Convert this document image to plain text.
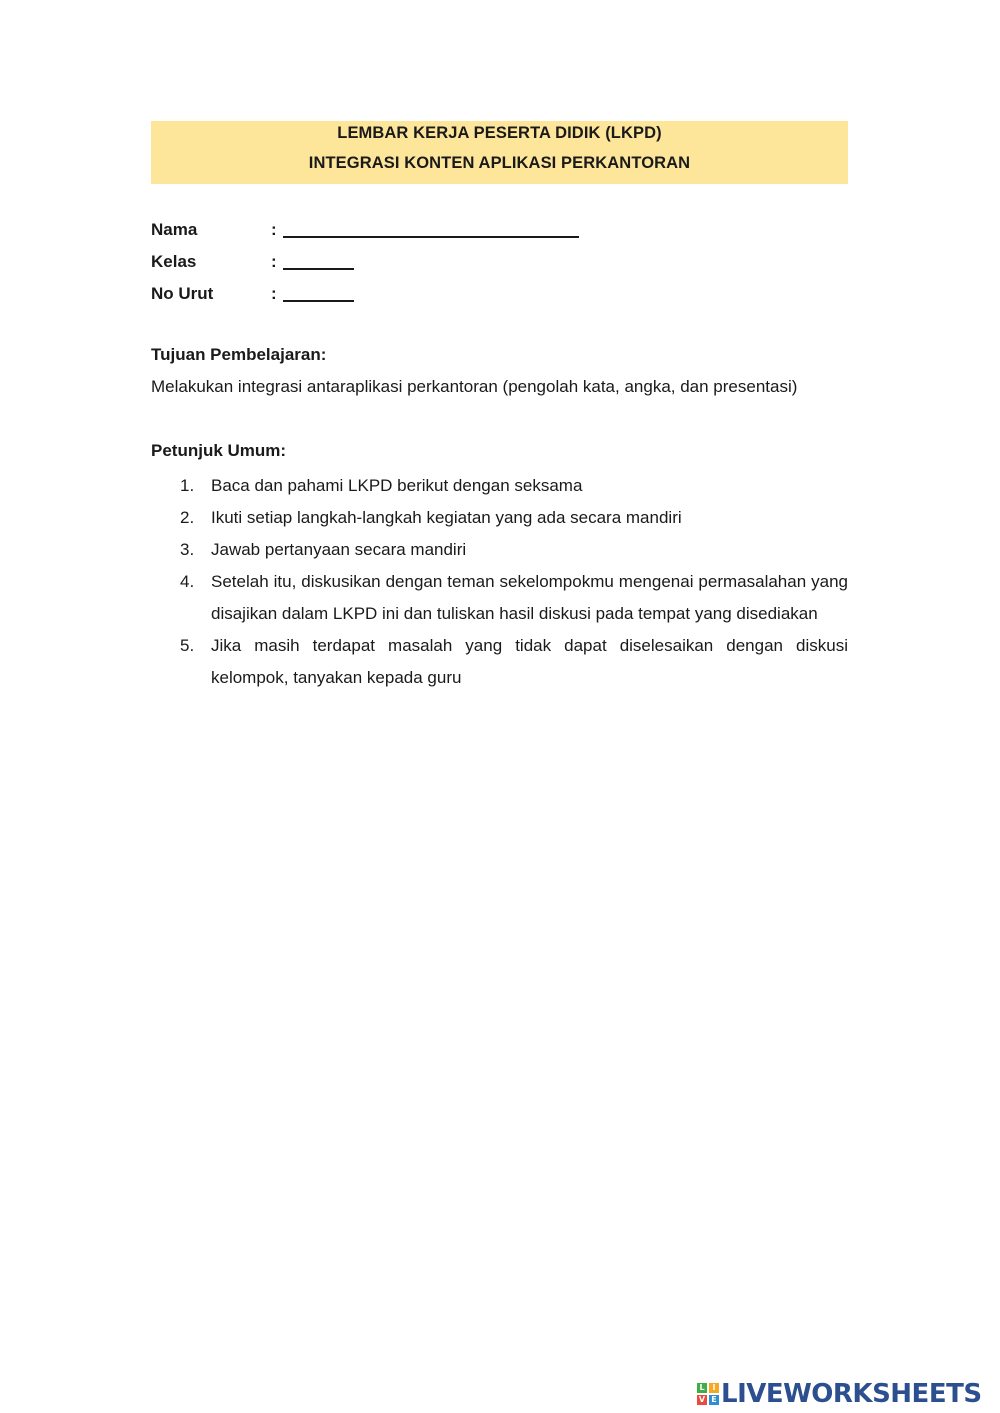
LEMBAR KERJA PESERTA DIDIK (LKPD)
INTEGRASI KONTEN APLIKASI PERKANTORAN
Nama	:
Kelas	:
No Urut	:
Tujuan Pembelajaran:
Melakukan integrasi antaraplikasi perkantoran (pengolah kata, angka, dan presentasi)
Petunjuk Umum:
1. Baca dan pahami LKPD berikut dengan seksama
2. Ikuti setiap langkah-langkah kegiatan yang ada secara mandiri
3. Jawab pertanyaan secara mandiri
4. Setelah itu, diskusikan dengan teman sekelompokmu mengenai permasalahan yang disajikan dalam LKPD ini dan tuliskan hasil diskusi pada tempat yang disediakan
5. Jika masih terdapat masalah yang tidak dapat diselesaikan dengan diskusi kelompok, tanyakan kepada guru
L I
V E LIVEWORKSHEETS
